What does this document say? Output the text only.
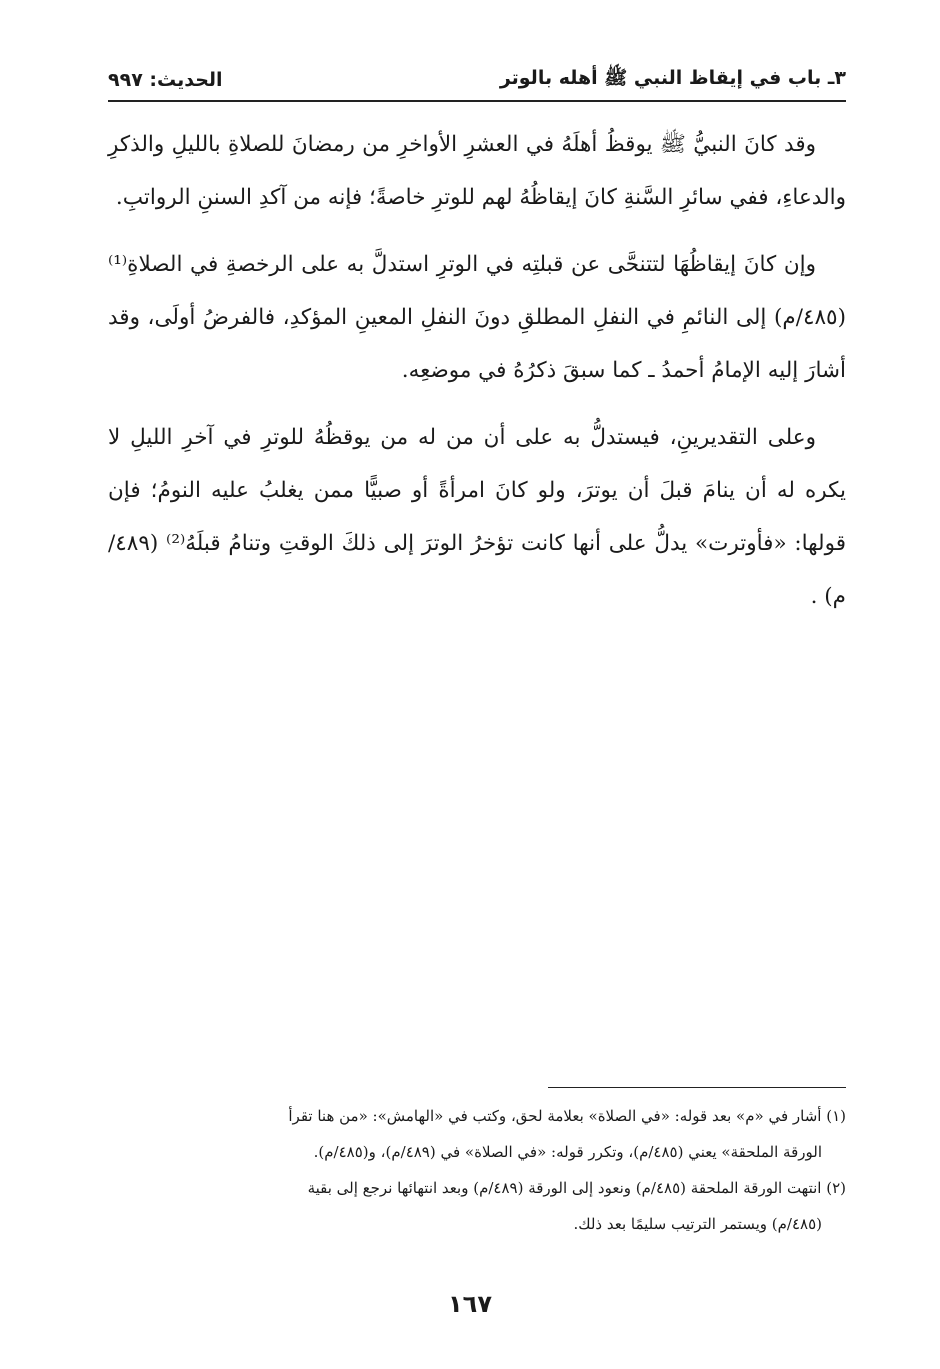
٣ـ باب في إيقاظ النبي ﷺ أهله بالوتر
الحديث: ٩٩٧

وقد كانَ النبيُّ ﷺ يوقظُ أهلَهُ في العشرِ الأواخرِ من رمضانَ للصلاةِ بالليلِ والذكرِ والدعاءِ، ففي سائرِ السَّنةِ كانَ إيقاظُهُ لهم للوترِ خاصةً؛ فإنه من آكدِ السننِ الرواتبِ.

وإن كانَ إيقاظُهَا لتتنحَّى عن قبلتِه في الوترِ استدلَّ به على الرخصةِ في الصلاةِ⁽¹⁾ (٤٨٥/م) إلى النائمِ في النفلِ المطلقِ دونَ النفلِ المعينِ المؤكدِ، فالفرضُ أولَى، وقد أشارَ إليه الإمامُ أحمدُ ـ كما سبقَ ذكرُهُ في موضعِه.

وعلى التقديرينِ، فيستدلُّ به على أن من له من يوقظُهُ للوترِ في آخرِ الليلِ لا يكره له أن ينامَ قبلَ أن يوترَ، ولو كانَ امرأةً أو صبيًّا ممن يغلبُ عليه النومُ؛ فإن قولها: «فأوترت» يدلُّ على أنها كانت تؤخرُ الوترَ إلى ذلكَ الوقتِ وتنامُ قبلَهُ⁽²⁾ (٤٨٩/م) .

(١) أشار في «م» بعد قوله: «في الصلاة» بعلامة لحق، وكتب في «الهامش»: «من هنا تقرأ

الورقة الملحقة» يعني (٤٨٥/م)، وتكرر قوله: «في الصلاة» في (٤٨٩/م)، و(٤٨٥/م).

(٢) انتهت الورقة الملحقة (٤٨٥/م) ونعود إلى الورقة (٤٨٩/م) وبعد انتهائها نرجع إلى بقية

(٤٨٥/م) ويستمر الترتيب سليمًا بعد ذلك.

١٦٧
